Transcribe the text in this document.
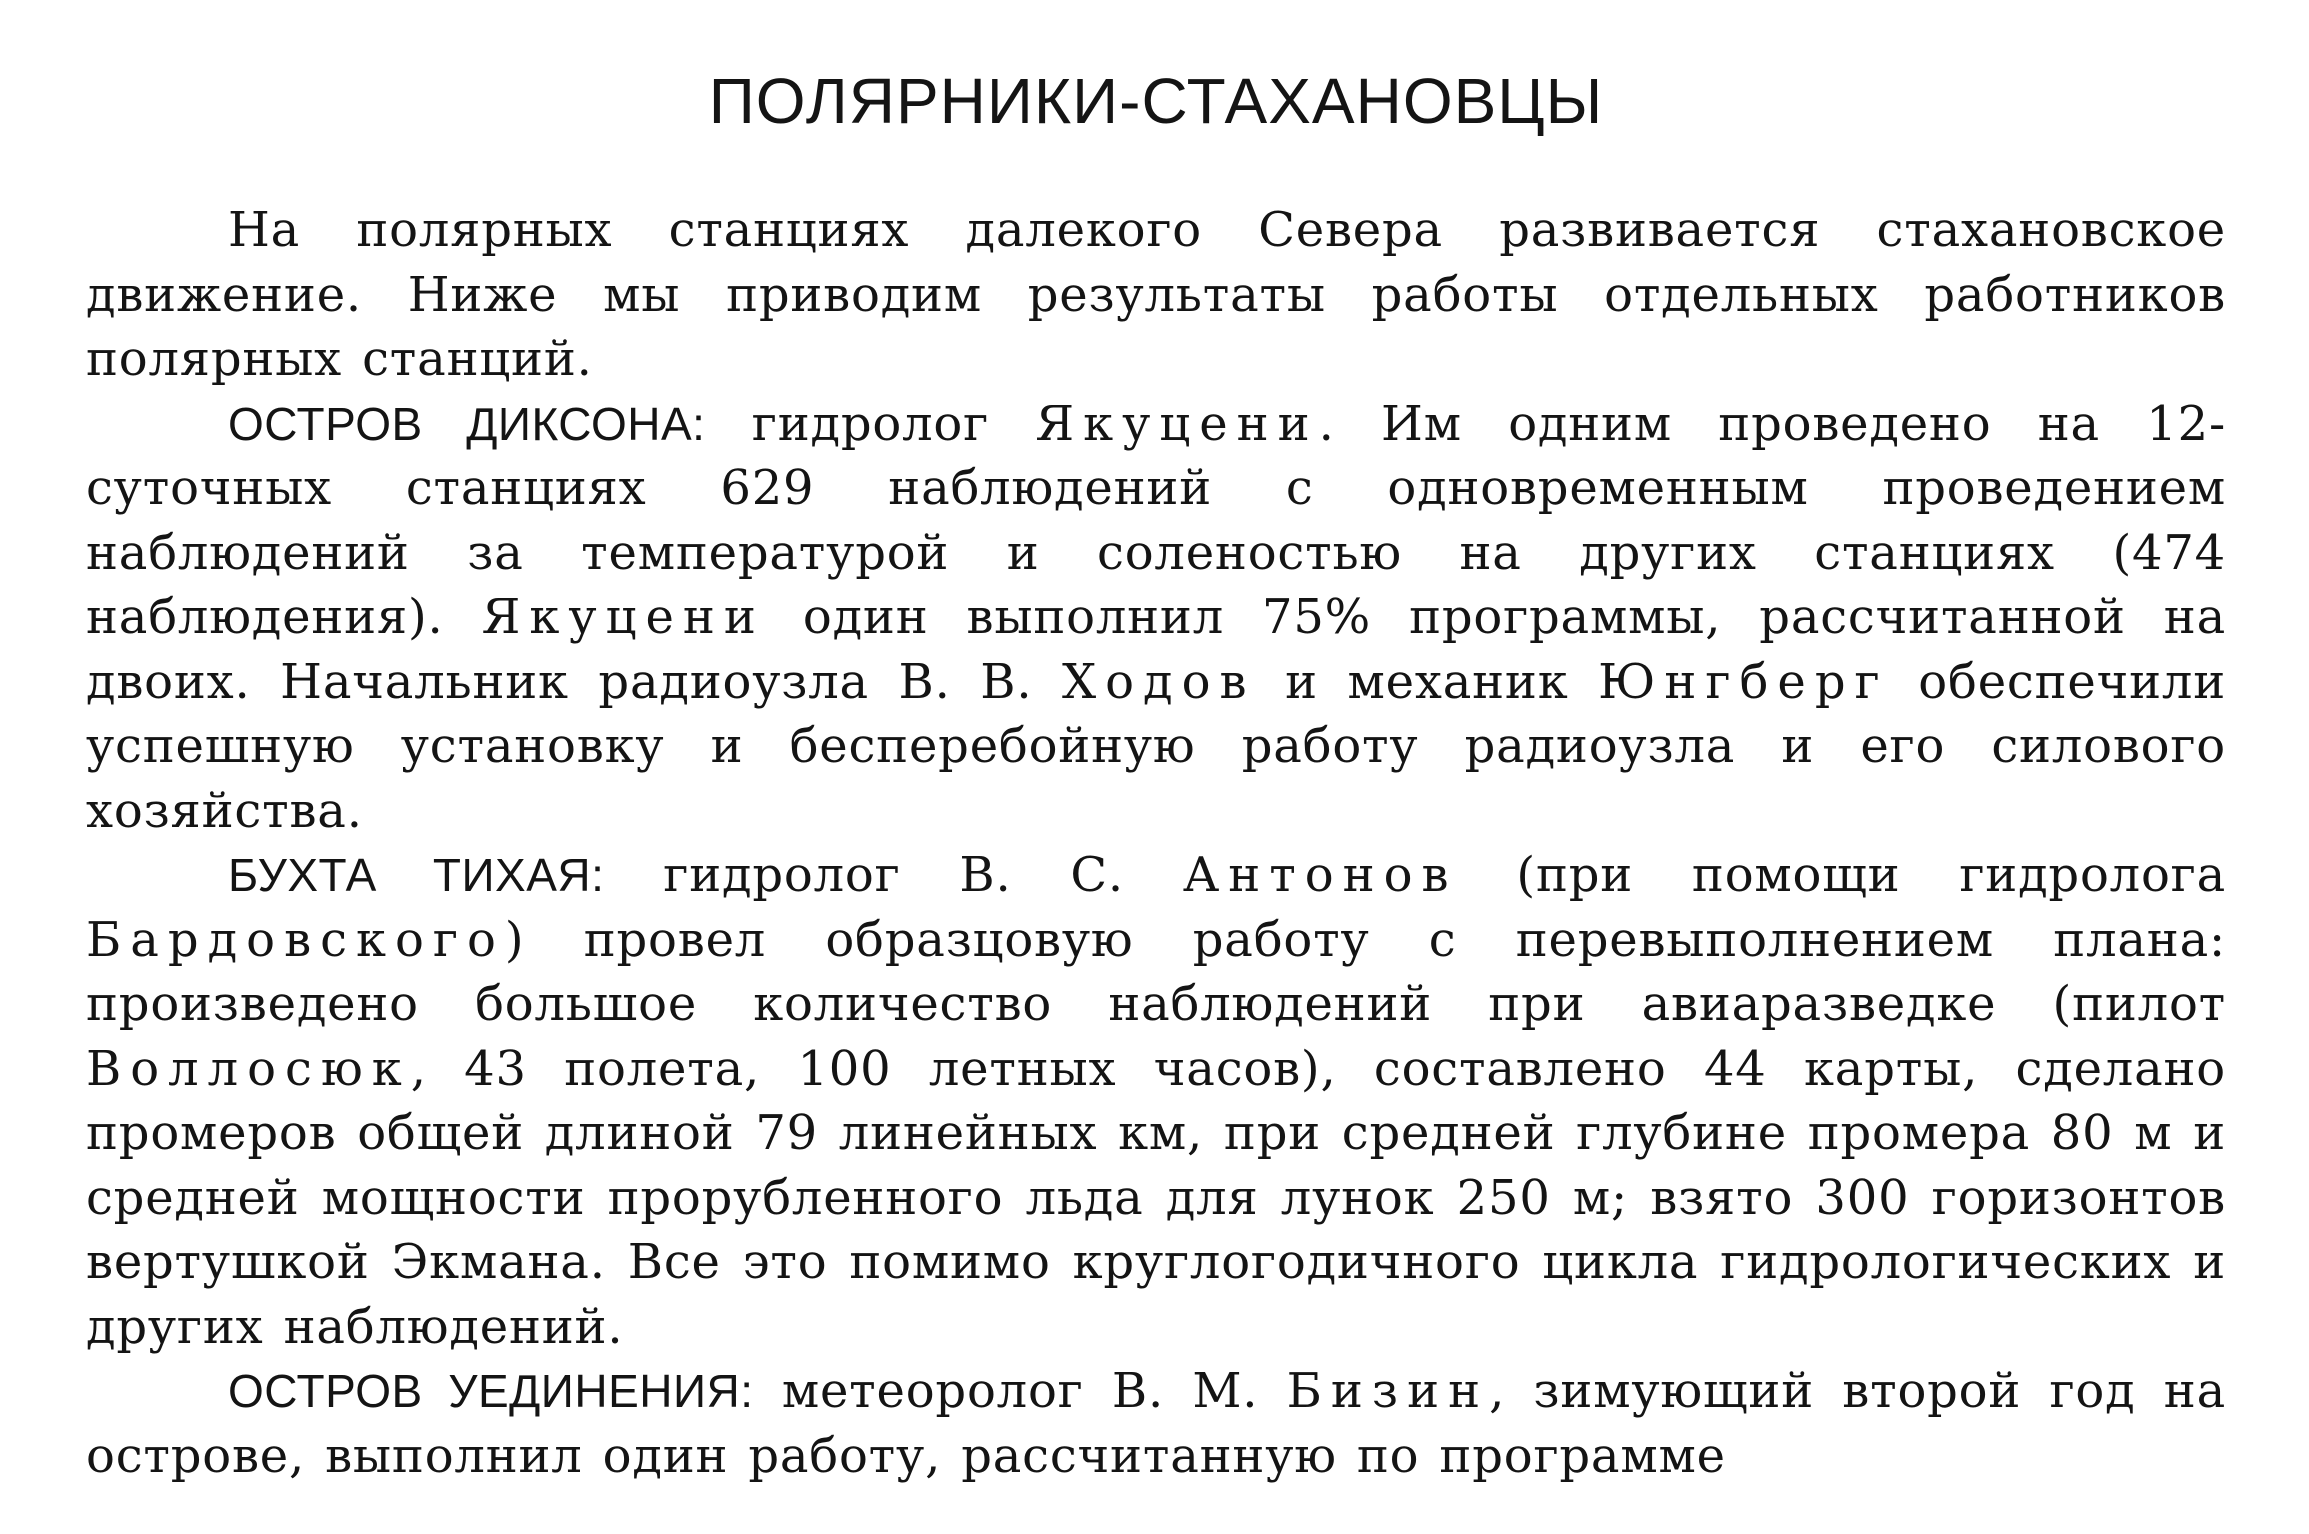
ПОЛЯРНИКИ-СТАХАНОВЦЫ

На полярных станциях далекого Севера развивается стахановское движение. Ниже мы приводим результаты работы отдельных работников полярных станций.

ОСТРОВ ДИКСОНА: гидролог Якуцени. Им одним проведено на 12-суточных станциях 629 наблюдений с одновременным проведением наблюдений за температурой и соленостью на других станциях (474 наблюдения). Якуцени один выполнил 75% программы, рассчитанной на двоих. Начальник радиоузла В. В. Ходов и механик Юнгберг обеспечили успешную установку и бесперебойную работу радиоузла и его силового хозяйства.

БУХТА ТИХАЯ: гидролог В. С. Антонов (при помощи гидролога Бардовского) провел образцовую работу с перевыполнением плана: произведено большое количество наблюдений при авиаразведке (пилот Воллосюк, 43 полета, 100 летных часов), составлено 44 карты, сделано промеров общей длиной 79 линейных км, при средней глубине промера 80 м и средней мощности прорубленного льда для лунок 250 м; взято 300 горизонтов вертушкой Экмана. Все это помимо круглогодичного цикла гидрологических и других наблюдений.

ОСТРОВ УЕДИНЕНИЯ: метеоролог В. М. Бизин, зимующий второй год на острове, выполнил один работу, рассчитанную по программе
